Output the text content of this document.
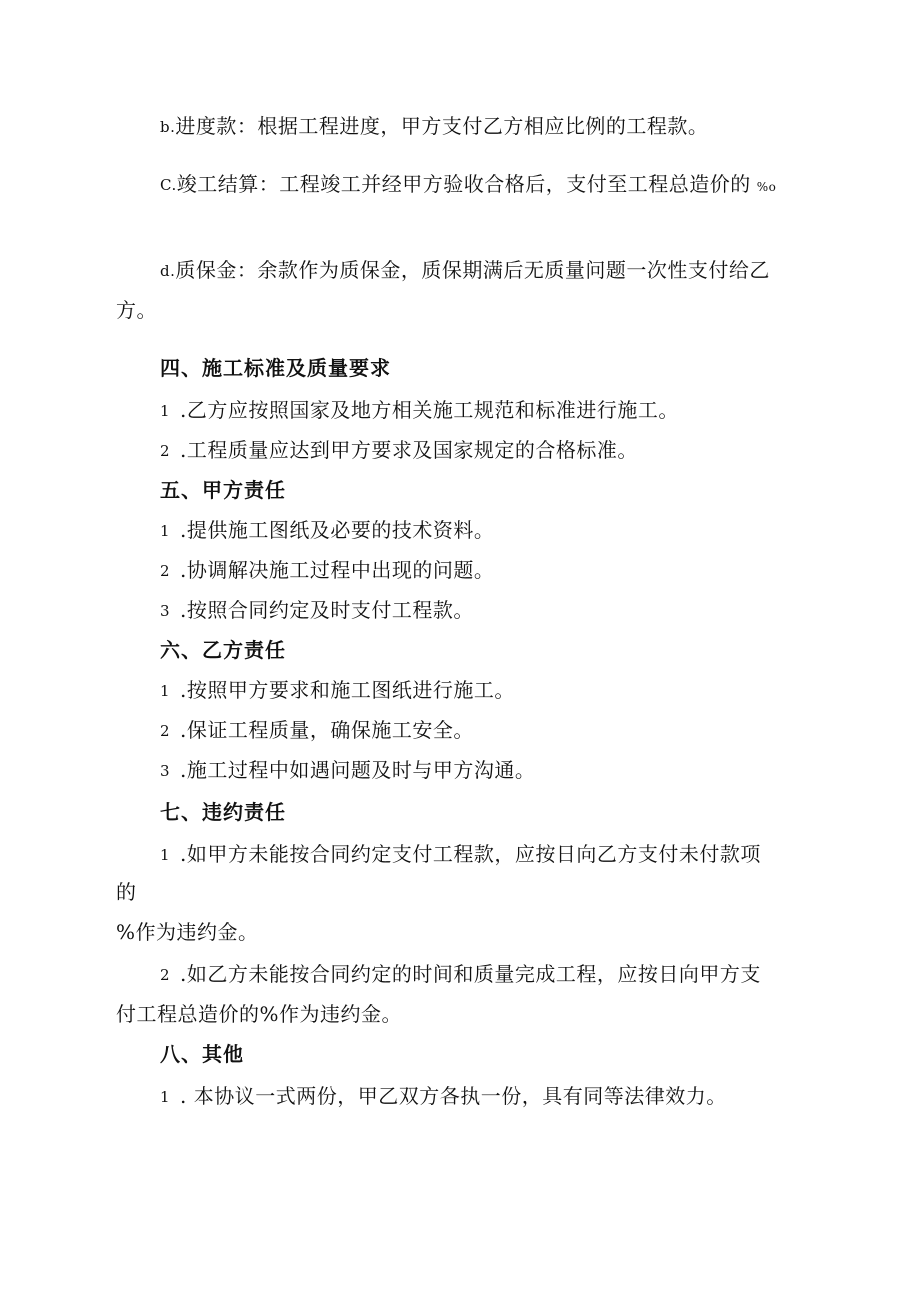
b.进度款：根据工程进度，甲方支付乙方相应比例的工程款。
C.竣工结算：工程竣工并经甲方验收合格后，支付至工程总造价的 %o
d.质保金：余款作为质保金，质保期满后无质量问题一次性支付给乙
方。
四、施工标准及质量要求
1 .乙方应按照国家及地方相关施工规范和标准进行施工。
2 .工程质量应达到甲方要求及国家规定的合格标准。
五、甲方责任
1 .提供施工图纸及必要的技术资料。
2 .协调解决施工过程中出现的问题。
3 .按照合同约定及时支付工程款。
六、乙方责任
1 .按照甲方要求和施工图纸进行施工。
2 .保证工程质量，确保施工安全。
3 .施工过程中如遇问题及时与甲方沟通。
七、违约责任
1 .如甲方未能按合同约定支付工程款，应按日向乙方支付未付款项
的
%作为违约金。
2 .如乙方未能按合同约定的时间和质量完成工程，应按日向甲方支
付工程总造价的%作为违约金。
八、其他
1 . 本协议一式两份，甲乙双方各执一份，具有同等法律效力。
